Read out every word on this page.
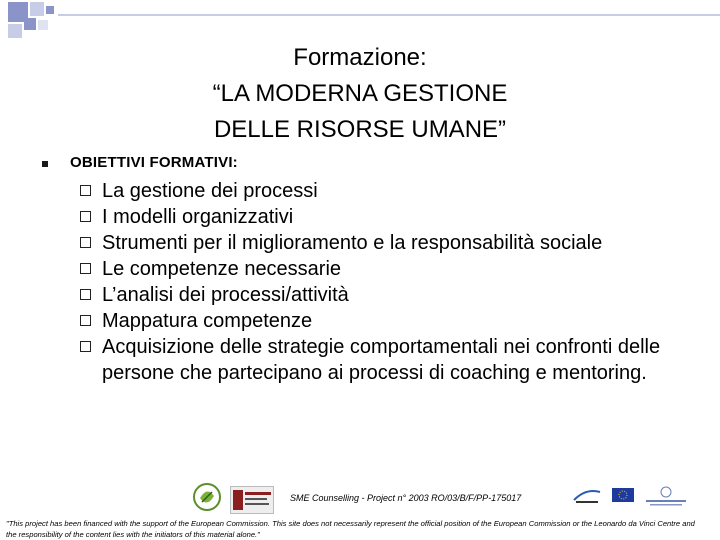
Formazione:
“LA MODERNA GESTIONE
DELLE RISORSE UMANE”
OBIETTIVI FORMATIVI:
La gestione dei processi
I modelli organizzativi
Strumenti per il miglioramento e la responsabilità sociale
Le competenze necessarie
L’analisi dei processi/attività
Mappatura competenze
Acquisizione delle strategie comportamentali nei confronti delle persone che partecipano ai processi di coaching e mentoring.
SME Counselling - Project n° 2003 RO/03/B/F/PP-175017
"This project has been financed with the support of the European Commission. This site does not necessarily represent the official position of the European Commission or the Leonardo da Vinci Centre and the responsibility of the content lies with the initiators of this material alone."
